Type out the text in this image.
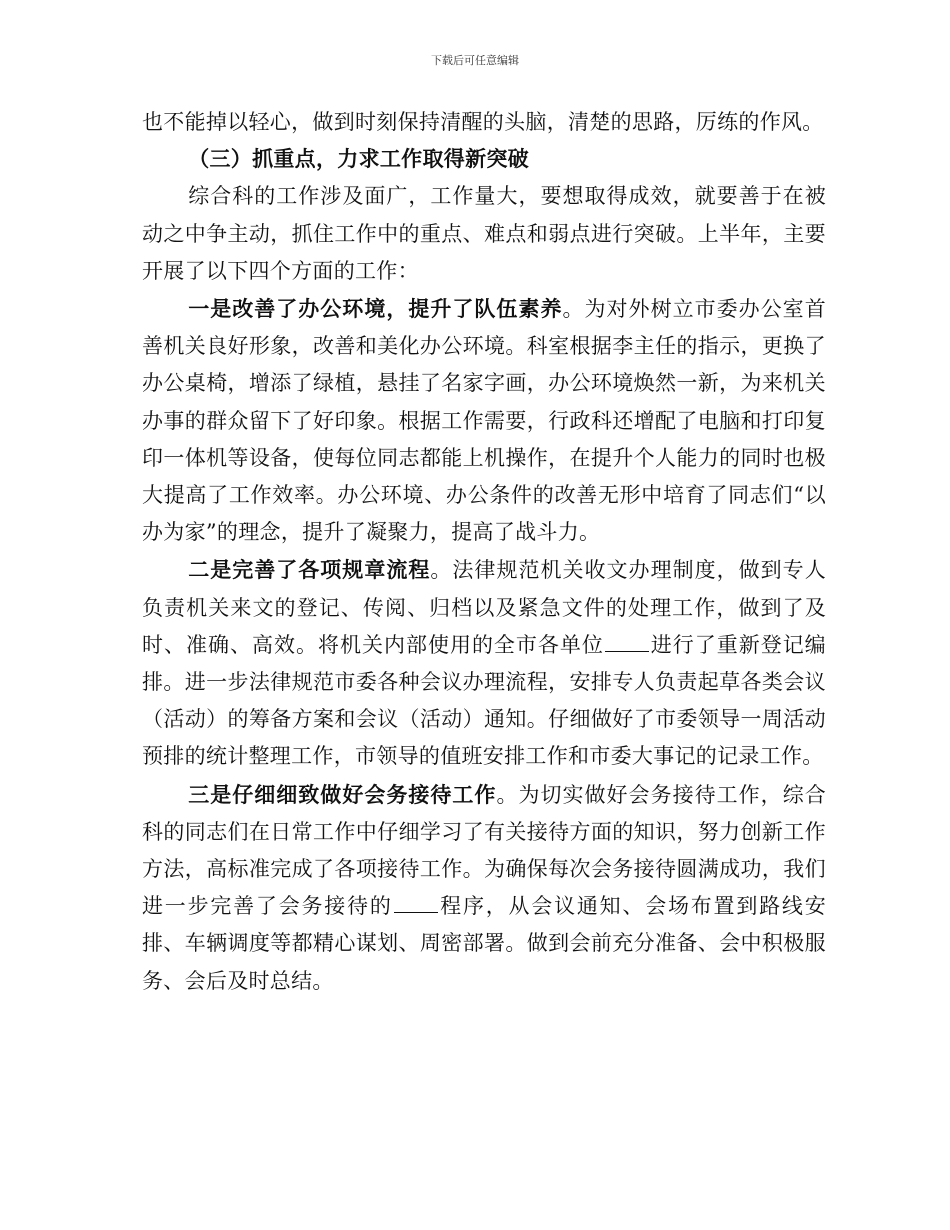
下载后可任意编辑

也不能掉以轻心，做到时刻保持清醒的头脑，清楚的思路，厉练的作风。

（三）抓重点，力求工作取得新突破

综合科的工作涉及面广，工作量大，要想取得成效，就要善于在被动之中争主动，抓住工作中的重点、难点和弱点进行突破。上半年，主要开展了以下四个方面的工作：

一是改善了办公环境，提升了队伍素养。为对外树立市委办公室首善机关良好形象，改善和美化办公环境。科室根据李主任的指示，更换了办公桌椅，增添了绿植，悬挂了名家字画，办公环境焕然一新，为来机关办事的群众留下了好印象。根据工作需要，行政科还增配了电脑和打印复印一体机等设备，使每位同志都能上机操作，在提升个人能力的同时也极大提高了工作效率。办公环境、办公条件的改善无形中培育了同志们“以办为家”的理念，提升了凝聚力，提高了战斗力。

二是完善了各项规章流程。法律规范机关收文办理制度，做到专人负责机关来文的登记、传阅、归档以及紧急文件的处理工作，做到了及时、准确、高效。将机关内部使用的全市各单位 进行了重新登记编排。进一步法律规范市委各种会议办理流程，安排专人负责起草各类会议（活动）的筹备方案和会议（活动）通知。仔细做好了市委领导一周活动预排的统计整理工作，市领导的值班安排工作和市委大事记的记录工作。

三是仔细细致做好会务接待工作。为切实做好会务接待工作，综合科的同志们在日常工作中仔细学习了有关接待方面的知识，努力创新工作方法，高标准完成了各项接待工作。为确保每次会务接待圆满成功，我们进一步完善了会务接待的 程序，从会议通知、会场布置到路线安排、车辆调度等都精心谋划、周密部署。做到会前充分准备、会中积极服务、会后及时总结。
